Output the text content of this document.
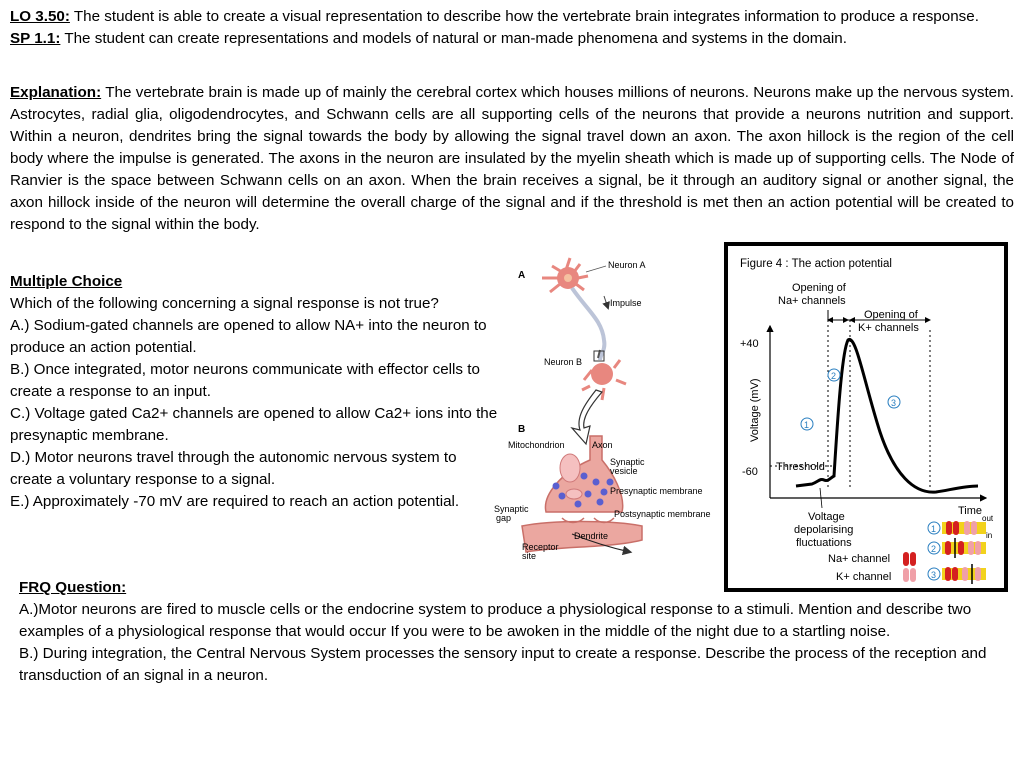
LO 3.50: The student is able to create a visual representation to describe how the vertebrate brain integrates information to produce a response.
SP 1.1: The student can create representations and models of natural or man-made phenomena and systems in the domain.
Explanation: The vertebrate brain is made up of mainly the cerebral cortex which houses millions of neurons. Neurons make up the nervous system. Astrocytes, radial glia, oligodendrocytes, and Schwann cells are all supporting cells of the neurons that provide a neurons nutrition and support. Within a neuron, dendrites bring the signal towards the body by allowing the signal travel down an axon. The axon hillock is the region of the cell body where the impulse is generated. The axons in the neuron are insulated by the myelin sheath which is made up of supporting cells. The Node of Ranvier is the space between Schwann cells on an axon. When the brain receives a signal, be it through an auditory signal or another signal, the axon hillock inside of the neuron will determine the overall charge of the signal and if the threshold is met then an action potential will be created to respond to the signal within the body.
Multiple Choice
Which of the following concerning a signal response is not true?
A.) Sodium-gated channels are opened to allow NA+ into the neuron to produce an action potential.
B.) Once integrated, motor neurons communicate with effector cells to create a response to an input.
C.) Voltage gated Ca2+ channels are opened to allow Ca2+ ions into the presynaptic membrane.
D.) Motor neurons travel through the autonomic nervous system to create a voluntary response to a signal.
E.) Approximately -70 mV are required to reach an action potential.
A
Neuron A
Impulse
Neuron B
B
Mitochondrion	Axon
Synaptic
vesicle
Presynaptic membrane
Postsynaptic membrane
Synaptic
gap
Dendrite
Receptor
site
Figure 4 : The action potential
Opening of
Na+ channels
Opening of
K+ channels
+40
-60
Voltage (mV)
Threshold
Time
1
2
3
Voltage
depolarising
fluctuations
1
2
3
out
in
Na+ channel
K+ channel
FRQ Question:
A.)Motor neurons are fired to muscle cells or the endocrine system to produce a physiological response to a stimuli. Mention and describe two examples of a physiological response that would occur If you were to be awoken in the middle of the night due to a startling noise.
B.) During integration, the Central Nervous System processes the sensory input to create a response. Describe the process of the reception and transduction of an signal in a neuron.
